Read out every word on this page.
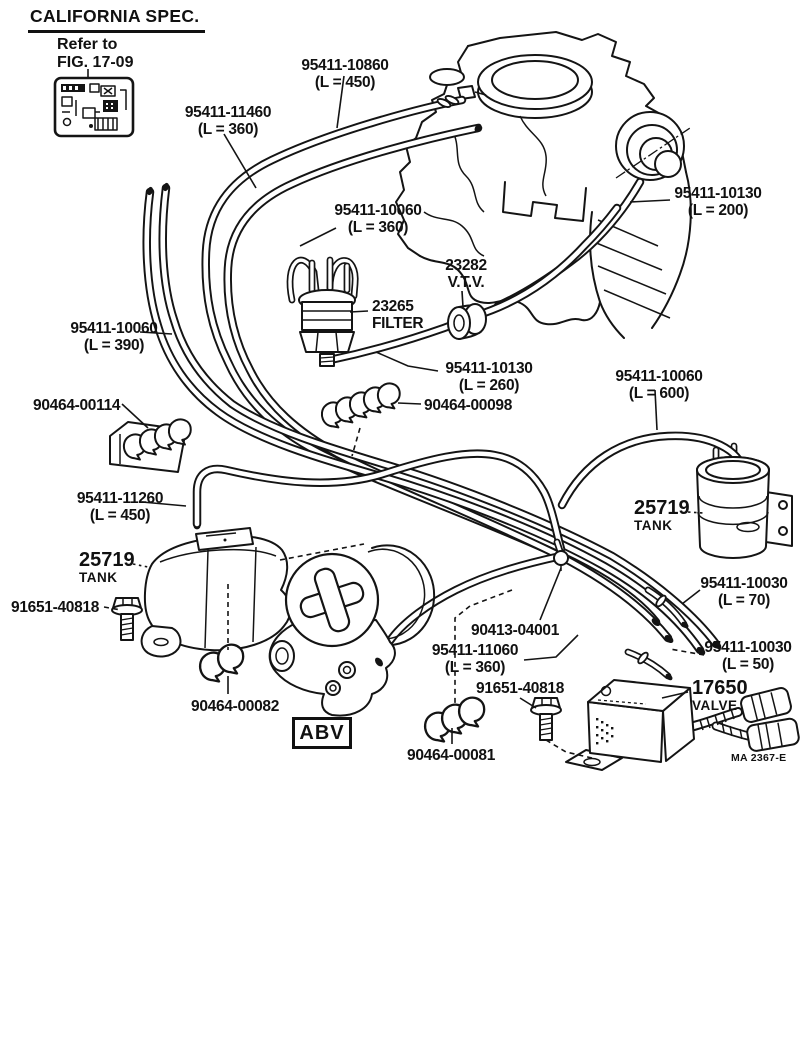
CALIFORNIA SPEC.
Refer to
FIG. 17-09	95411-10860
(L = 450)
95411-11460
(L = 360)
95411-10060
(L = 360)
23282
V.T.V.
23265
FILTER
95411-10130
(L = 200)
95411-10060
(L = 390)
95411-10130
(L = 260)
90464-00114	90464-00098
95411-10060
(L = 600)
95411-11260
(L = 450)	25719
TANK
25719
TANK
91651-40818
95411-10030
(L = 70)
90413-04001
95411-11060
(L = 360)
95411-10030
(L = 50)
91651-40818	17650
VALVE
90464-00082
90464-00081
ABV
MA 2367-E
